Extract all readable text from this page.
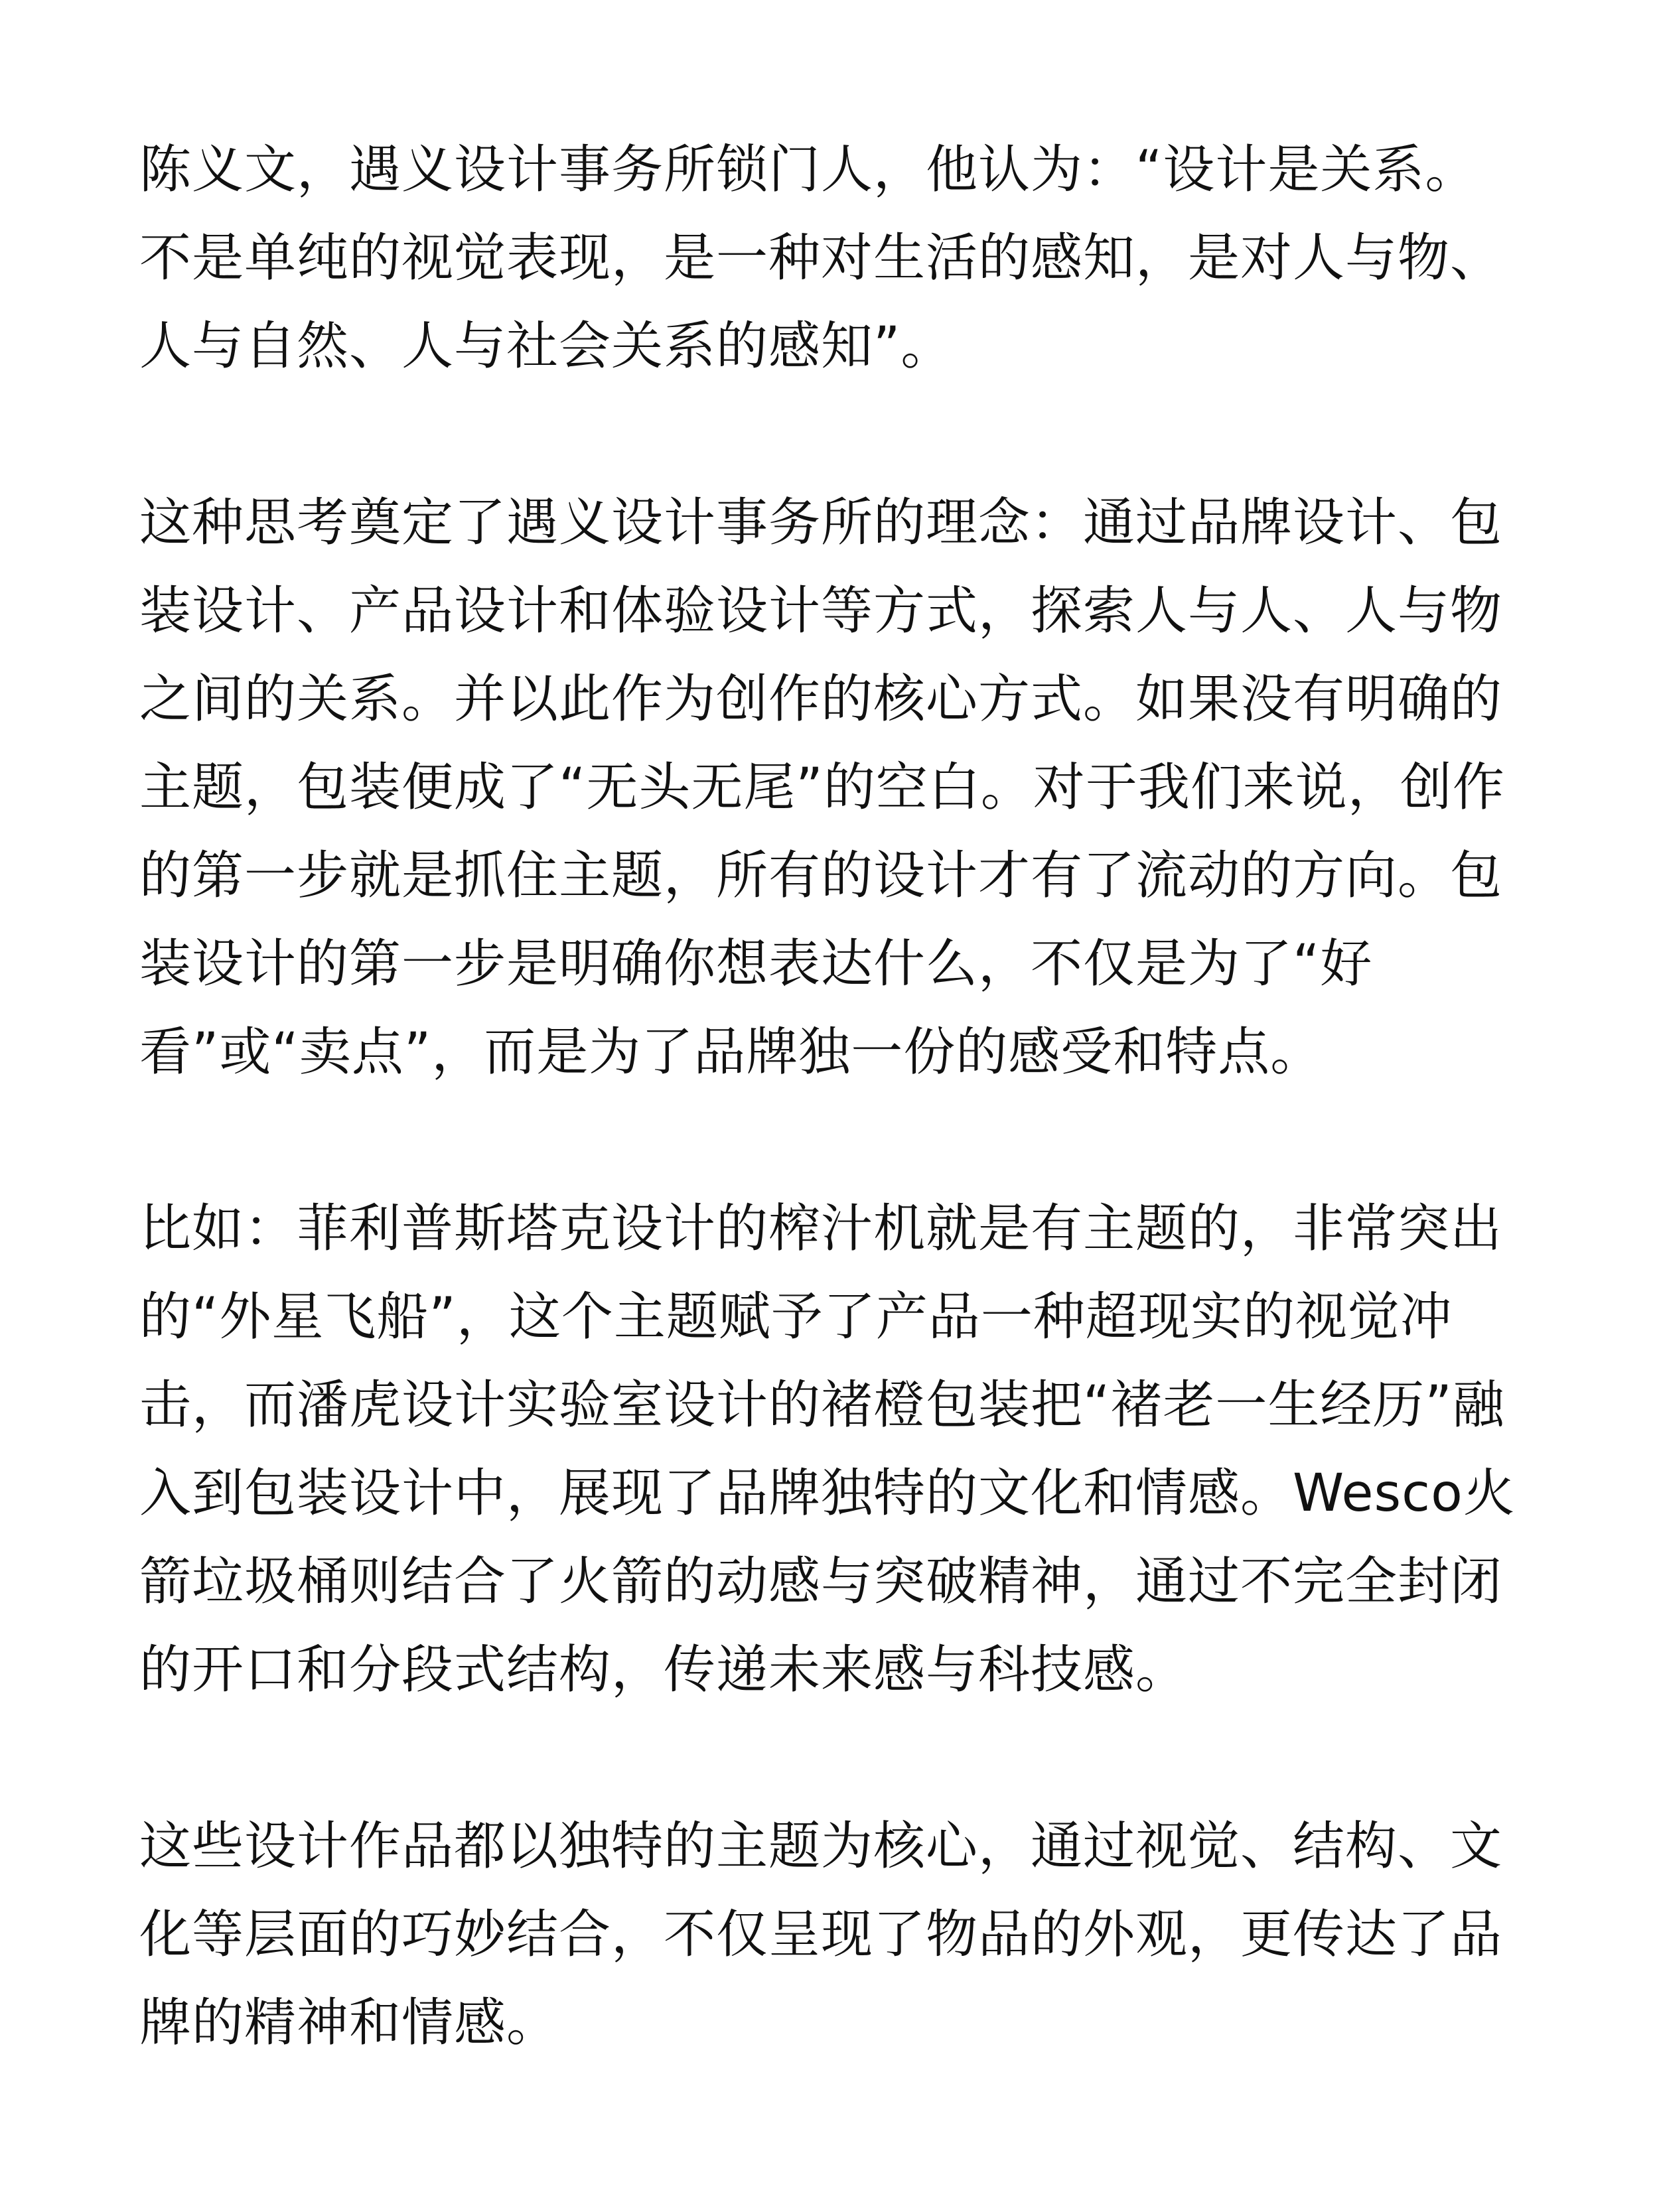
陈义文，遇义设计事务所锁门人，他认为：“设计是关系。不是单纯的视觉表现，是一种对生活的感知，是对人与物、人与自然、人与社会关系的感知”。

这种思考奠定了遇义设计事务所的理念：通过品牌设计、包装设计、产品设计和体验设计等方式，探索人与人、人与物之间的关系。并以此作为创作的核心方式。如果没有明确的主题，包装便成了“无头无尾”的空白。对于我们来说，创作的第一步就是抓住主题，所有的设计才有了流动的方向。包装设计的第一步是明确你想表达什么，不仅是为了“好看”或“卖点”，而是为了品牌独一份的感受和特点。

比如：菲利普斯塔克设计的榨汁机就是有主题的，非常突出的“外星飞船”，这个主题赋予了产品一种超现实的视觉冲击，而潘虎设计实验室设计的褚橙包装把“褚老一生经历”融入到包装设计中，展现了品牌独特的文化和情感。Wesco火箭垃圾桶则结合了火箭的动感与突破精神，通过不完全封闭的开口和分段式结构，传递未来感与科技感。

这些设计作品都以独特的主题为核心，通过视觉、结构、文化等层面的巧妙结合，不仅呈现了物品的外观，更传达了品牌的精神和情感。
